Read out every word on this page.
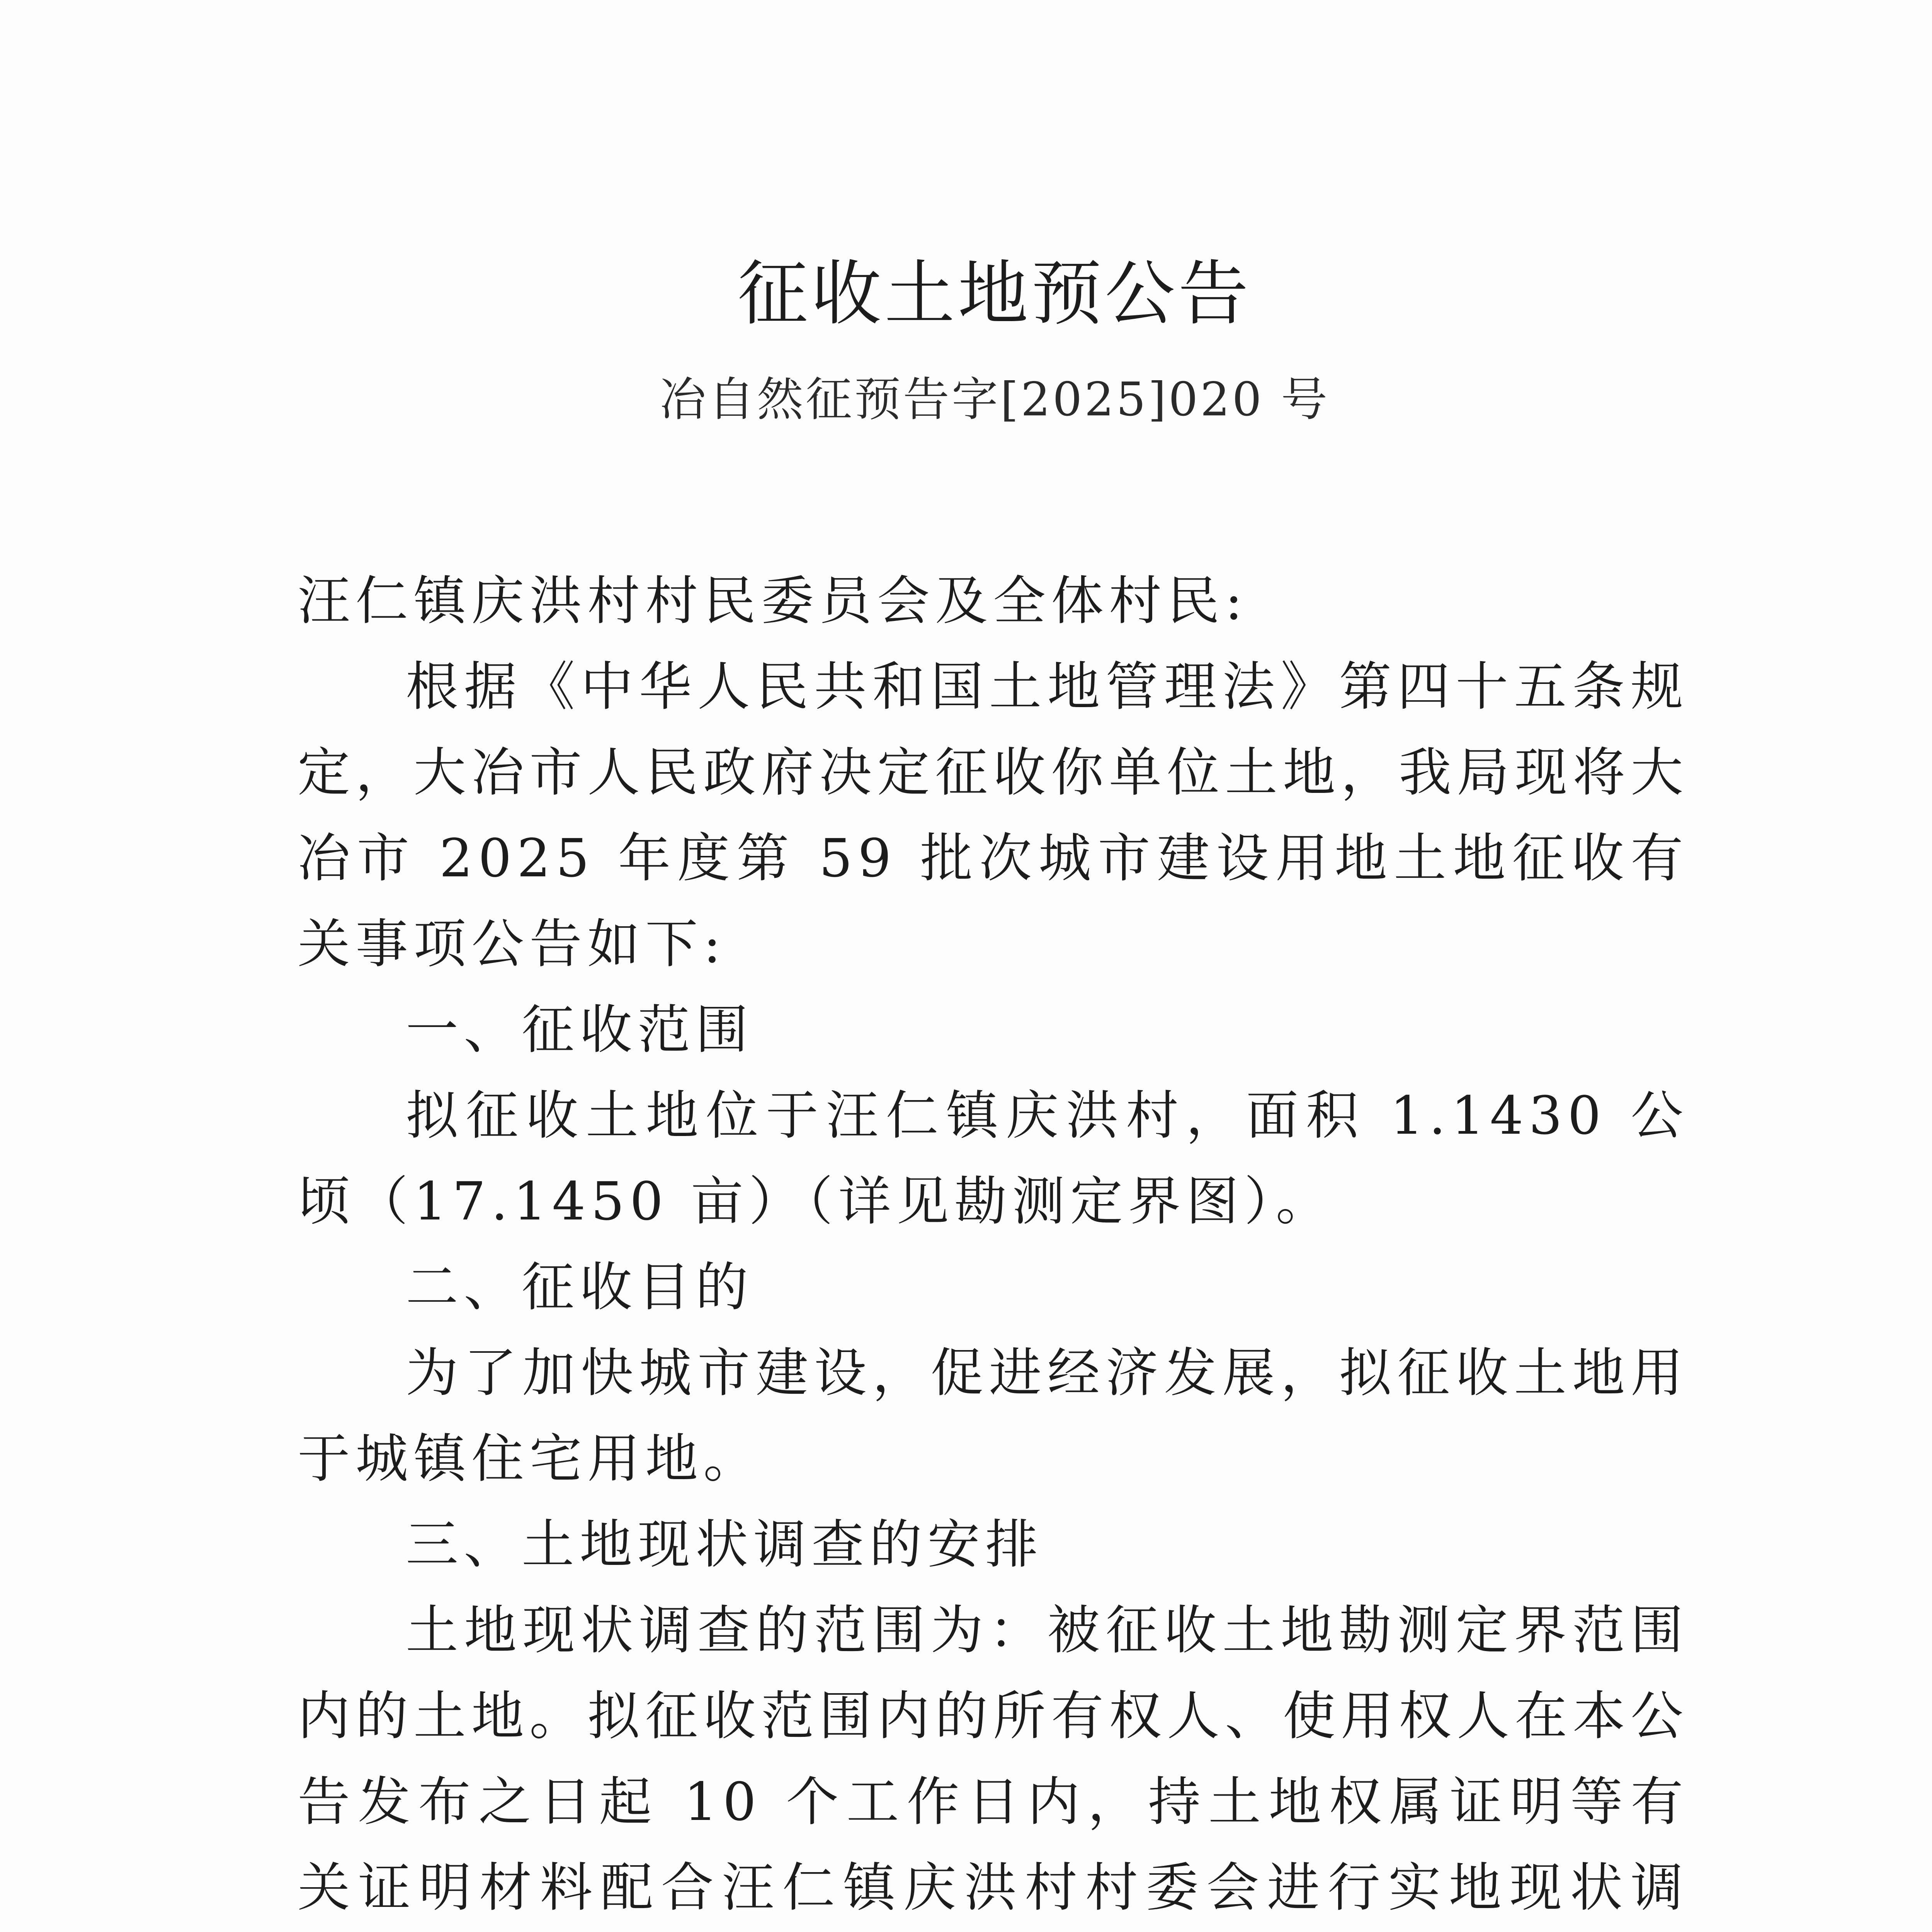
征收土地预公告
冶自然征预告字[2025]020 号

汪仁镇庆洪村村民委员会及全体村民:

根据《中华人民共和国土地管理法》第四十五条规定，大冶市人民政府决定征收你单位土地，我局现将大冶市 2025 年度第 59 批次城市建设用地土地征收有关事项公告如下:

一、征收范围

拟征收土地位于汪仁镇庆洪村，面积 1.1430 公顷（17.1450 亩）（详见勘测定界图）。

二、征收目的

为了加快城市建设，促进经济发展，拟征收土地用于城镇住宅用地。

三、土地现状调查的安排

土地现状调查的范围为：被征收土地勘测定界范围内的土地。拟征收范围内的所有权人、使用权人在本公告发布之日起 10 个工作日内，持土地权属证明等有关证明材料配合汪仁镇庆洪村村委会进行实地现状调
